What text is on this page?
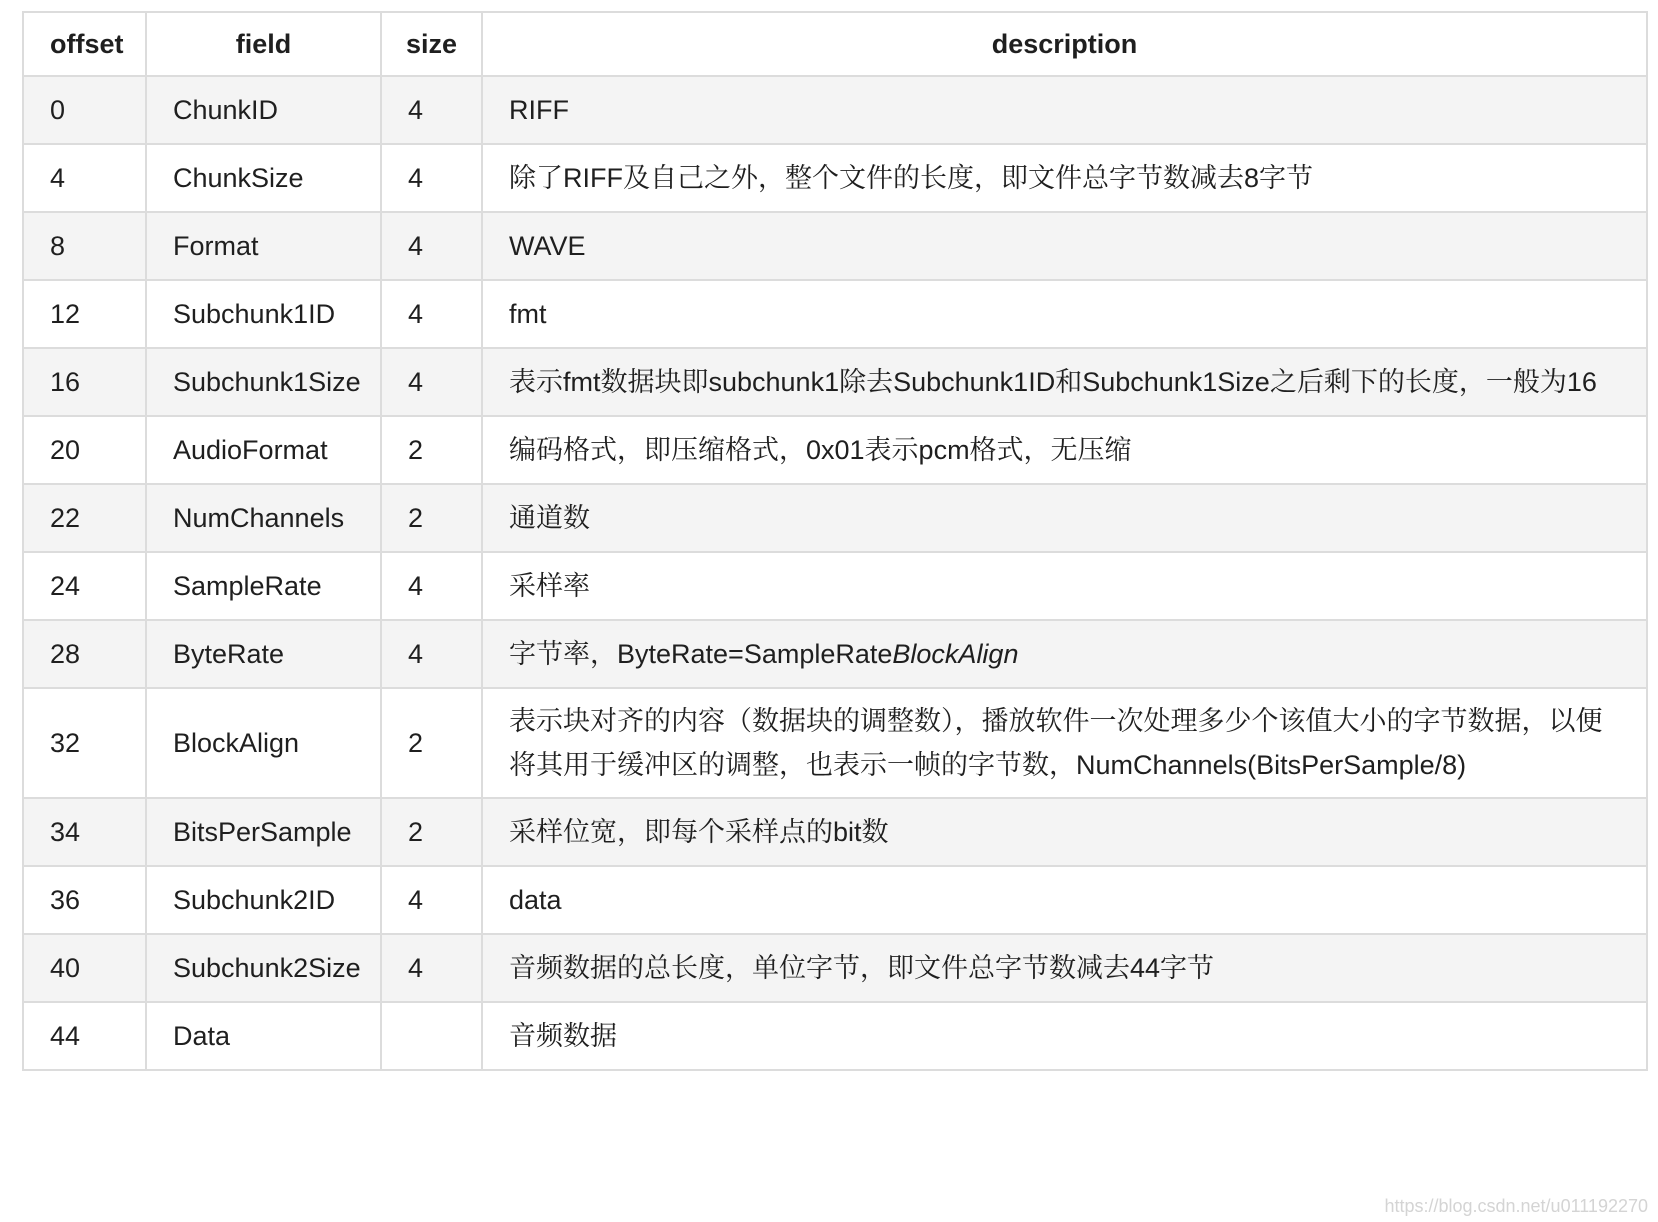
offset	field	size	description
0	ChunkID	4	RIFF
4	ChunkSize	4	除了RIFF及自己之外，整个文件的长度，即文件总字节数减去8字节
8	Format	4	WAVE
12	Subchunk1ID	4	fmt
16	Subchunk1Size	4	表示fmt数据块即subchunk1除去Subchunk1ID和Subchunk1Size之后剩下的长度，一般为16
20	AudioFormat	2	编码格式，即压缩格式，0x01表示pcm格式，无压缩
22	NumChannels	2	通道数
24	SampleRate	4	采样率
28	ByteRate	4	字节率，ByteRate=SampleRateBlockAlign
32	BlockAlign	2	表示块对齐的内容（数据块的调整数），播放软件一次处理多少个该值大小的字节数据，以便将其用于缓冲区的调整，也表示一帧的字节数，NumChannels(BitsPerSample/8)
34	BitsPerSample	2	采样位宽，即每个采样点的bit数
36	Subchunk2ID	4	data
40	Subchunk2Size	4	音频数据的总长度，单位字节，即文件总字节数减去44字节
44	Data		音频数据
https://blog.csdn.net/u011192270
